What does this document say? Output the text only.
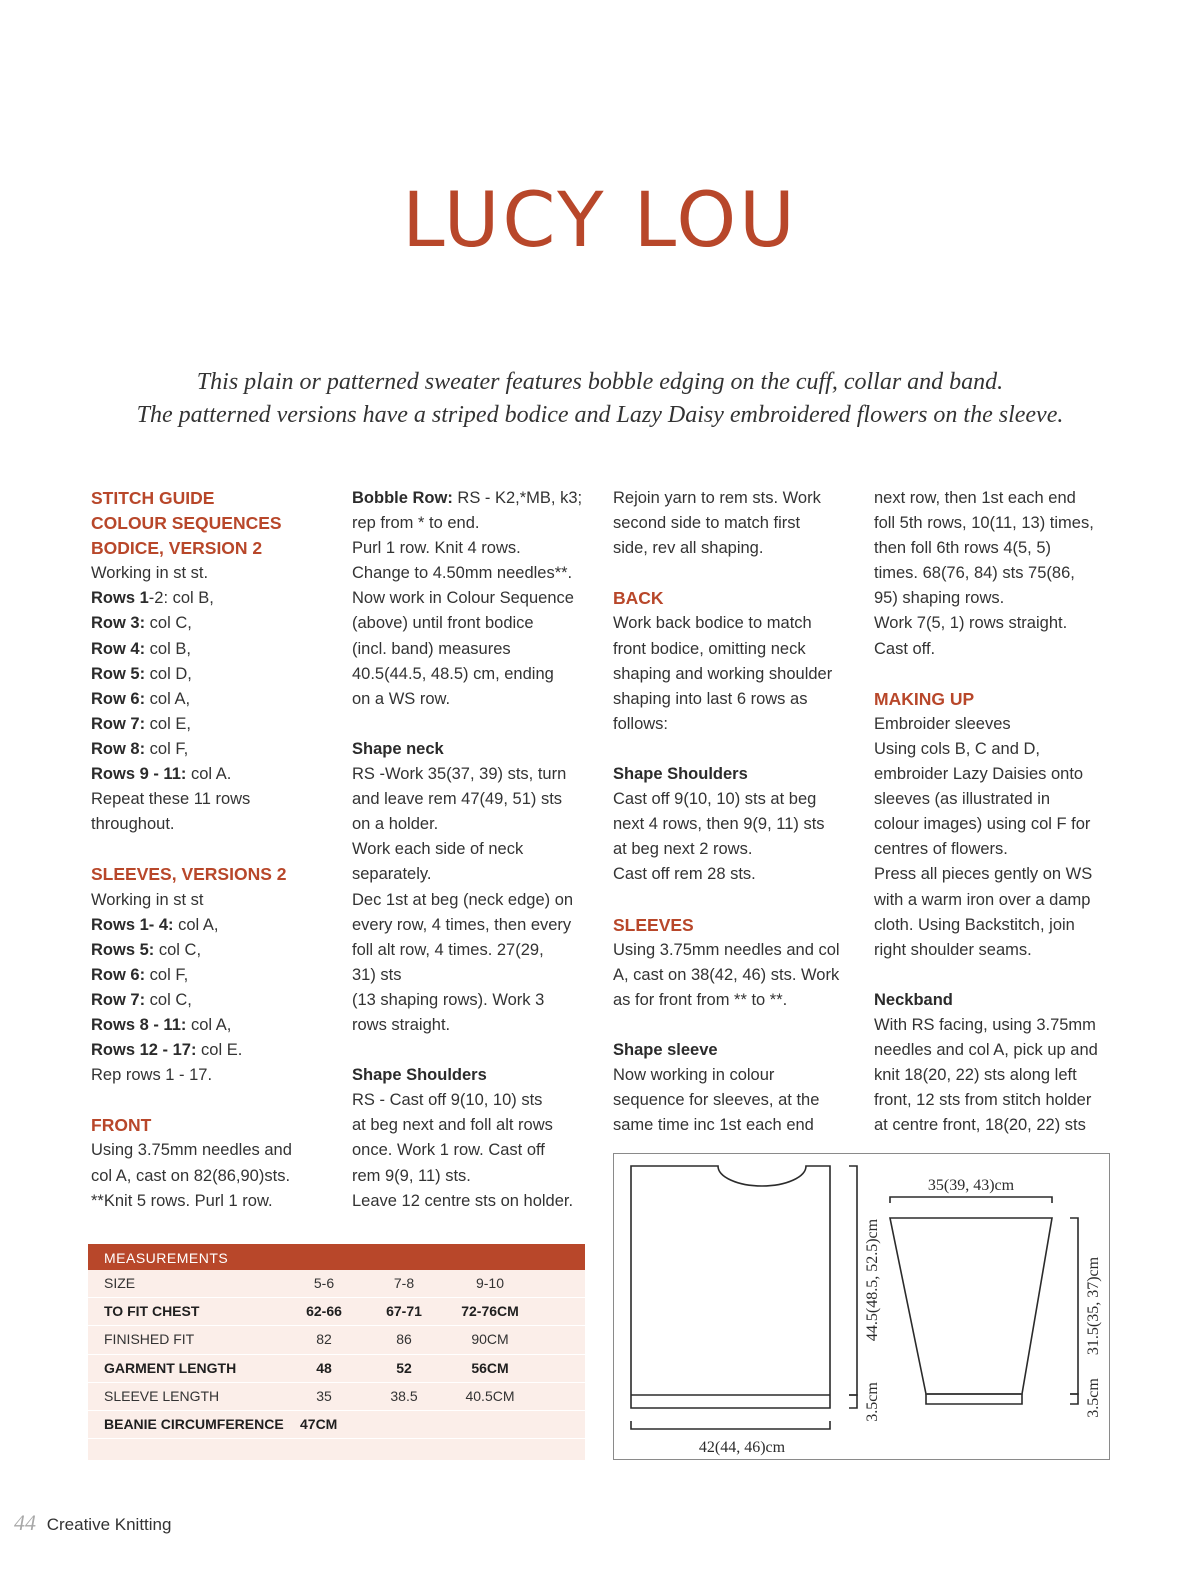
LUCY LOU
This plain or patterned sweater features bobble edging on the cuff, collar and band.
The patterned versions have a striped bodice and Lazy Daisy embroidered flowers on the sleeve.
STITCH GUIDE
COLOUR SEQUENCES
BODICE, VERSION 2
Working in st st.
Rows 1-2: col B,
Row 3: col C,
Row 4: col B,
Row 5: col D,
Row 6: col A,
Row 7: col E,
Row 8: col F,
Rows 9 - 11: col A.
Repeat these 11 rows
throughout.
SLEEVES, VERSIONS 2
Working in st st
Rows 1- 4: col A,
Rows 5: col C,
Row 6: col F,
Row 7: col C,
Rows 8 - 11: col A,
Rows 12 - 17: col E.
Rep rows 1 - 17.
FRONT
Using 3.75mm needles and
col A, cast on 82(86,90)sts.
**Knit 5 rows. Purl 1 row.
Bobble Row: RS - K2,*MB, k3;
rep from * to end.
Purl 1 row. Knit 4 rows.
Change to 4.50mm needles**.
Now work in Colour Sequence
(above) until front bodice
(incl. band) measures
40.5(44.5, 48.5) cm, ending
on a WS row.
Shape neck
RS -Work 35(37, 39) sts, turn
and leave rem 47(49, 51) sts
on a holder.
Work each side of neck
separately.
Dec 1st at beg (neck edge) on
every row, 4 times, then every
foll alt row, 4 times. 27(29,
31) sts
(13 shaping rows). Work 3
rows straight.
Shape Shoulders
RS - Cast off 9(10, 10) sts
at beg next and foll alt rows
once. Work 1 row. Cast off
rem 9(9, 11) sts.
Leave 12 centre sts on holder.
Rejoin yarn to rem sts. Work
second side to match first
side, rev all shaping.
BACK
Work back bodice to match
front bodice, omitting neck
shaping and working shoulder
shaping into last 6 rows as
follows:
Shape Shoulders
Cast off 9(10, 10) sts at beg
next 4 rows, then 9(9, 11) sts
at beg next 2 rows.
Cast off rem 28 sts.
SLEEVES
Using 3.75mm needles and col
A, cast on 38(42, 46) sts. Work
as for front from ** to **.
Shape sleeve
Now working in colour
sequence for sleeves, at the
same time inc 1st each end
next row, then 1st each end
foll 5th rows, 10(11, 13) times,
then foll 6th rows 4(5, 5)
times. 68(76, 84) sts 75(86,
95) shaping rows.
Work 7(5, 1) rows straight.
Cast off.
MAKING UP
Embroider sleeves
Using cols B, C and D,
embroider Lazy Daisies onto
sleeves (as illustrated in
colour images) using col F for
centres of flowers.
Press all pieces gently on WS
with a warm iron over a damp
cloth. Using Backstitch, join
right shoulder seams.
Neckband
With RS facing, using 3.75mm
needles and col A, pick up and
knit 18(20, 22) sts along left
front, 12 sts from stitch holder
at centre front, 18(20, 22) sts
MEASUREMENTS
SIZE	5-6	7-8	9-10
TO FIT CHEST	62-66	67-71	72-76CM
FINISHED FIT	82	86	90CM
GARMENT LENGTH	48	52	56CM
SLEEVE LENGTH	35	38.5	40.5CM
BEANIE CIRCUMFERENCE 47CM
42(44, 46)cm
35(39, 43)cm
44.5(48.5, 52.5)cm
3.5cm
31.5(35, 37)cm
3.5cm
44 Creative Knitting
